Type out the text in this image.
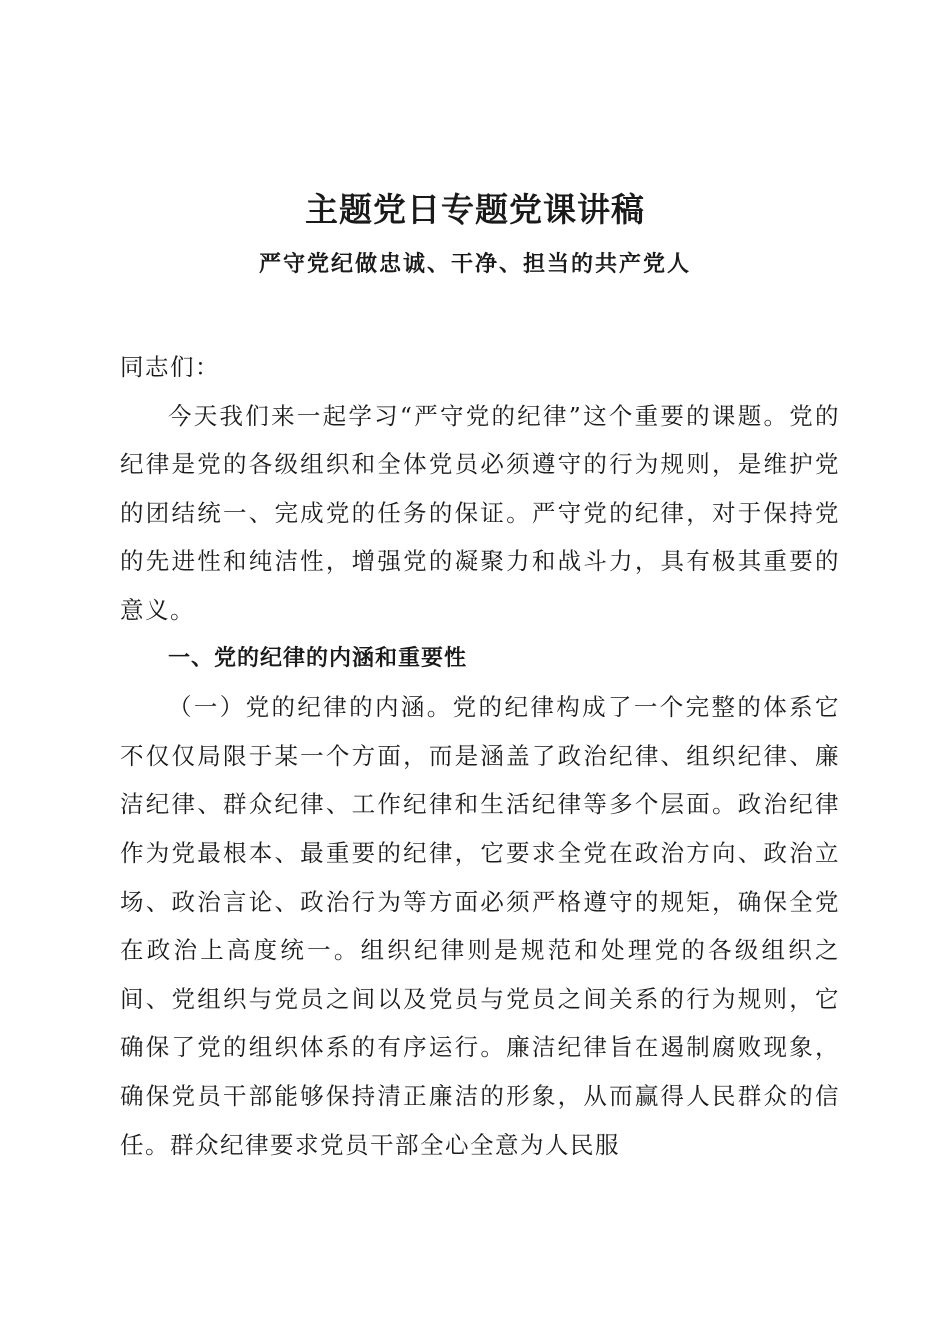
主题党日专题党课讲稿
严守党纪做忠诚、干净、担当的共产党人

同志们：

今天我们来一起学习“严守党的纪律”这个重要的课题。党的纪律是党的各级组织和全体党员必须遵守的行为规则，是维护党的团结统一、完成党的任务的保证。严守党的纪律，对于保持党的先进性和纯洁性，增强党的凝聚力和战斗力，具有极其重要的意义。

一、党的纪律的内涵和重要性

（一）党的纪律的内涵。党的纪律构成了一个完整的体系它不仅仅局限于某一个方面，而是涵盖了政治纪律、组织纪律、廉洁纪律、群众纪律、工作纪律和生活纪律等多个层面。政治纪律作为党最根本、最重要的纪律，它要求全党在政治方向、政治立场、政治言论、政治行为等方面必须严格遵守的规矩，确保全党在政治上高度统一。组织纪律则是规范和处理党的各级组织之间、党组织与党员之间以及党员与党员之间关系的行为规则，它确保了党的组织体系的有序运行。廉洁纪律旨在遏制腐败现象，确保党员干部能够保持清正廉洁的形象，从而赢得人民群众的信任。群众纪律要求党员干部全心全意为人民服
